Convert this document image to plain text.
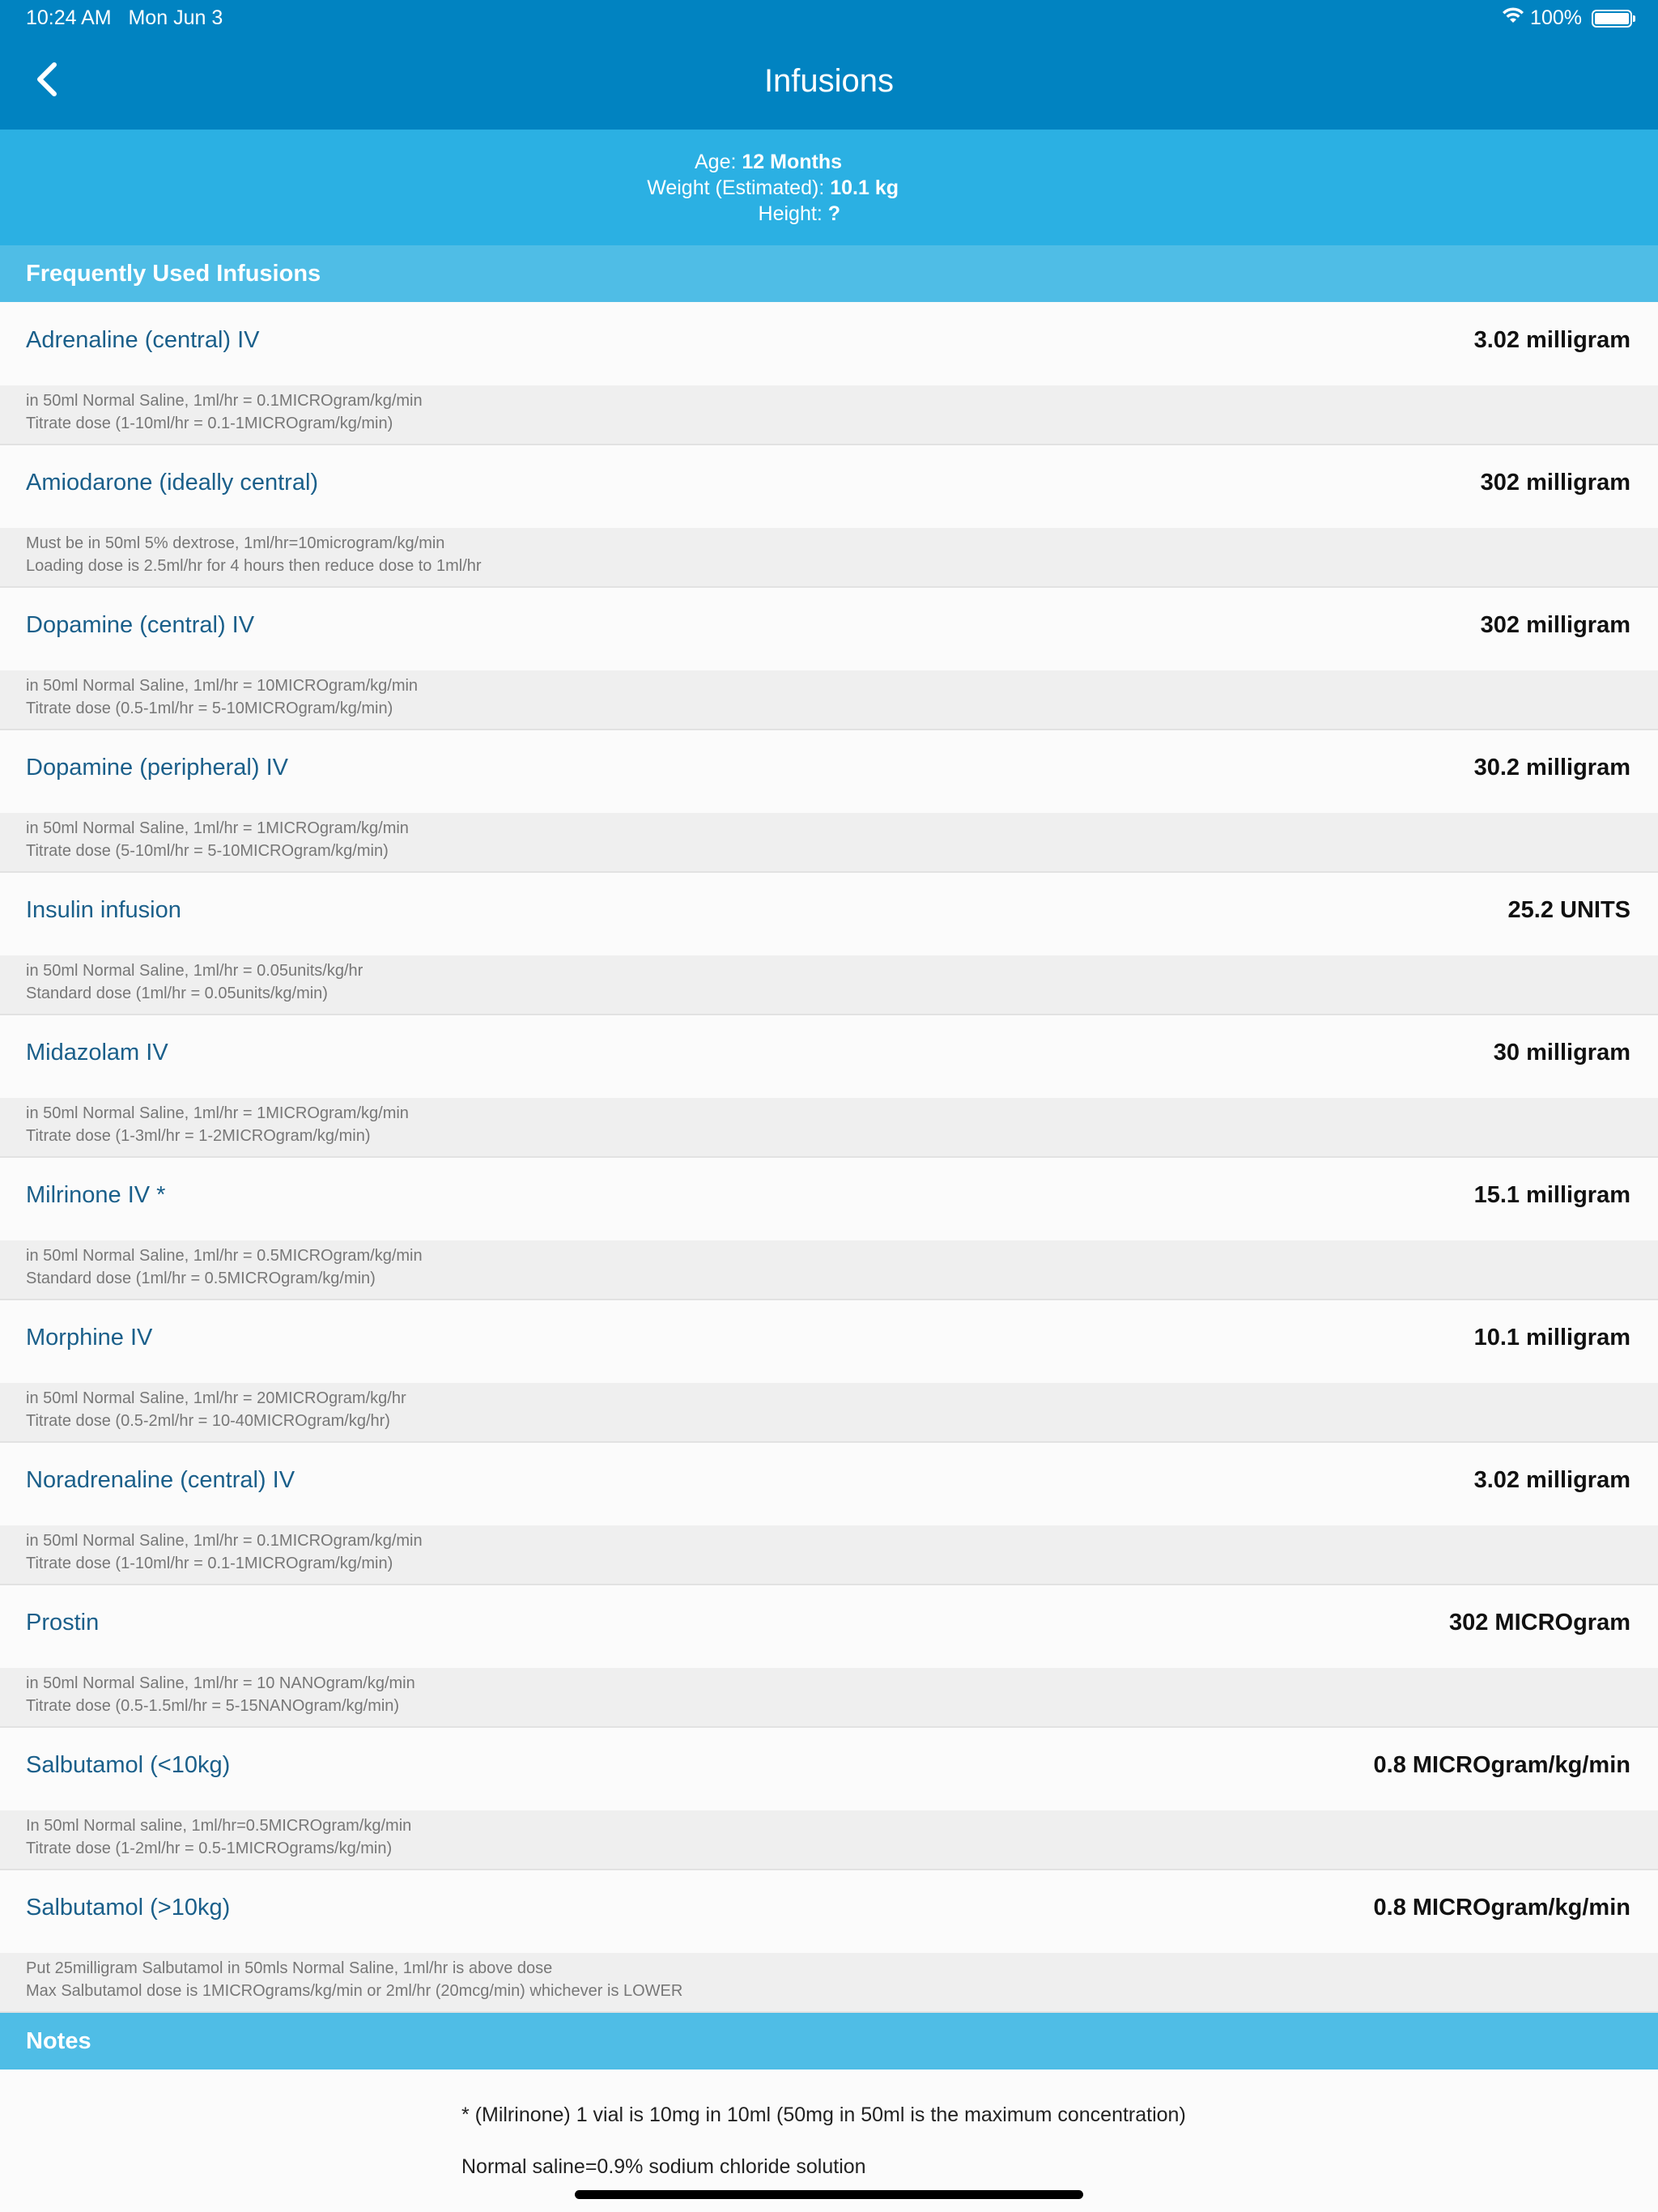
10:24 AM Mon Jun 3	100%
Infusions
Age: 12 Months
Weight (Estimated): 10.1 kg
Height: ?
Frequently Used Infusions
Adrenaline (central) IV	3.02 milligram
in 50ml Normal Saline, 1ml/hr = 0.1MICROgram/kg/min
Titrate dose (1-10ml/hr = 0.1-1MICROgram/kg/min)
Amiodarone (ideally central)	302 milligram
Must be in 50ml 5% dextrose, 1ml/hr=10microgram/kg/min
Loading dose is 2.5ml/hr for 4 hours then reduce dose to 1ml/hr
Dopamine (central) IV	302 milligram
in 50ml Normal Saline, 1ml/hr = 10MICROgram/kg/min
Titrate dose (0.5-1ml/hr = 5-10MICROgram/kg/min)
Dopamine (peripheral) IV	30.2 milligram
in 50ml Normal Saline, 1ml/hr = 1MICROgram/kg/min
Titrate dose (5-10ml/hr = 5-10MICROgram/kg/min)
Insulin infusion	25.2 UNITS
in 50ml Normal Saline, 1ml/hr = 0.05units/kg/hr
Standard dose (1ml/hr = 0.05units/kg/min)
Midazolam IV	30 milligram
in 50ml Normal Saline, 1ml/hr = 1MICROgram/kg/min
Titrate dose (1-3ml/hr = 1-2MICROgram/kg/min)
Milrinone IV *	15.1 milligram
in 50ml Normal Saline, 1ml/hr = 0.5MICROgram/kg/min
Standard dose (1ml/hr = 0.5MICROgram/kg/min)
Morphine IV	10.1 milligram
in 50ml Normal Saline, 1ml/hr = 20MICROgram/kg/hr
Titrate dose (0.5-2ml/hr = 10-40MICROgram/kg/hr)
Noradrenaline (central) IV	3.02 milligram
in 50ml Normal Saline, 1ml/hr = 0.1MICROgram/kg/min
Titrate dose (1-10ml/hr = 0.1-1MICROgram/kg/min)
Prostin	302 MICROgram
in 50ml Normal Saline, 1ml/hr = 10 NANOgram/kg/min
Titrate dose (0.5-1.5ml/hr = 5-15NANOgram/kg/min)
Salbutamol (<10kg)	0.8 MICROgram/kg/min
In 50ml Normal saline, 1ml/hr=0.5MICROgram/kg/min
Titrate dose (1-2ml/hr = 0.5-1MICROgrams/kg/min)
Salbutamol (>10kg)	0.8 MICROgram/kg/min
Put 25milligram Salbutamol in 50mls Normal Saline, 1ml/hr is above dose
Max Salbutamol dose is 1MICROgrams/kg/min or 2ml/hr (20mcg/min) whichever is LOWER
Notes
* (Milrinone) 1 vial is 10mg in 10ml (50mg in 50ml is the maximum concentration)
Normal saline=0.9% sodium chloride solution
